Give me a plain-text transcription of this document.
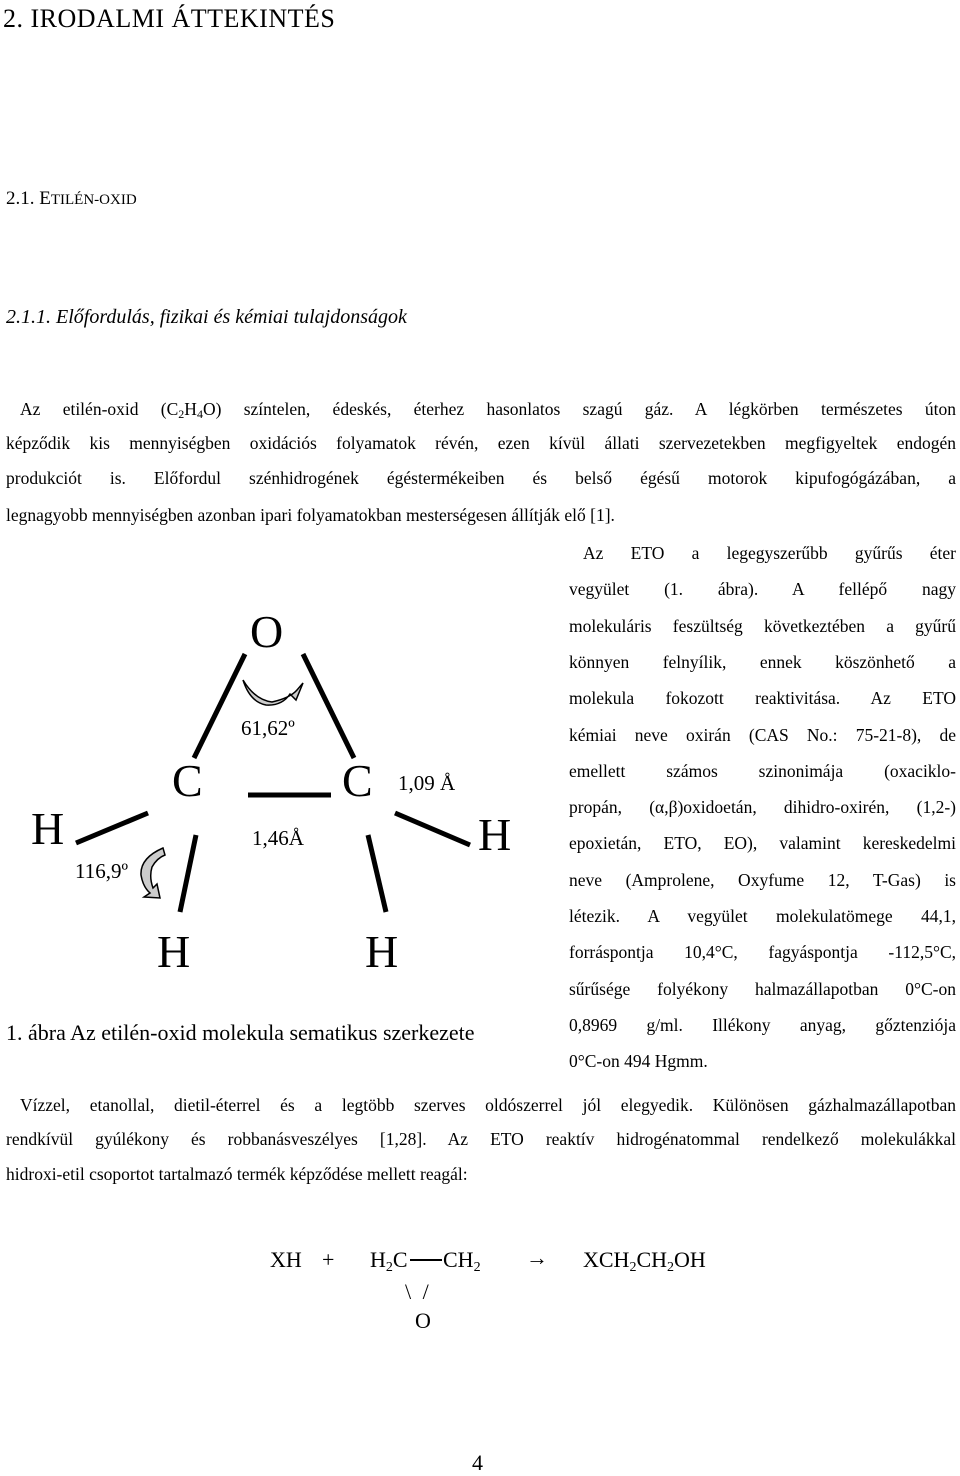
2. IRODALMI ÁTTEKINTÉS
2.1. ETILÉN-OXID
2.1.1. Előfordulás, fizikai és kémiai tulajdonságok
Az etilén-oxid $(C_2H_4O)$ színtelen, édeskés, éterhez hasonlatos szagú gáz. A légkörben természetes úton
képződik kis mennyiségben oxidációs folyamatok révén, ezen kívül állati szervezetekben megfigyeltek endogén
produkciót is. Előfordul szénhidrogének égéstermékeiben és belső égésű motorok kipufogógázában, a
legnagyobb mennyiségben azonban ipari folyamatokban mesterségesen állítják elő [1].
Az ETO a legegyszerűbb gyűrűs éter
vegyület (1. ábra). A fellépő nagy
molekuláris feszültség következtében a gyűrű
könnyen felnyílik, ennek köszönhető a
molekula fokozott reaktivitása. Az ETO
kémiai neve oxirán (CAS No.: 75-21-8), de
emellett számos szinonimája (oxaciklo-
propán, (α,β)oxidoetán, dihidro-oxirén, (1,2-)
epoxietán, ETO, EO), valamint kereskedelmi
neve (Amprolene, Oxyfume 12, T-Gas) is
létezik. A vegyület molekulatömege 44,1,
forráspontja 10,4°C, fagyáspontja -112,5°C,
sűrűsége folyékony halmazállapotban 0°C-on
0,8969 g/ml. Illékony anyag, gőztenziója
0°C-on 494 Hgmm.
O
C	C
H	H
H	H
61,62º
116,9º
1,46Å
1,09 Å
1. ábra Az etilén-oxid molekula sematikus szerkezete
Vízzel, etanollal, dietil-éterrel és a legtöbb szerves oldószerrel jól elegyedik. Különösen gázhalmazállapotban
rendkívül gyúlékony és robbanásveszélyes [1,28]. Az ETO reaktív hidrogénatommal rendelkező molekulákkal
hidroxi-etil csoportot tartalmazó termék képződése mellett reagál:
XH + $H_2C$ $CH_2 \to XCH_2CH_2OH$
\ /
O
4
